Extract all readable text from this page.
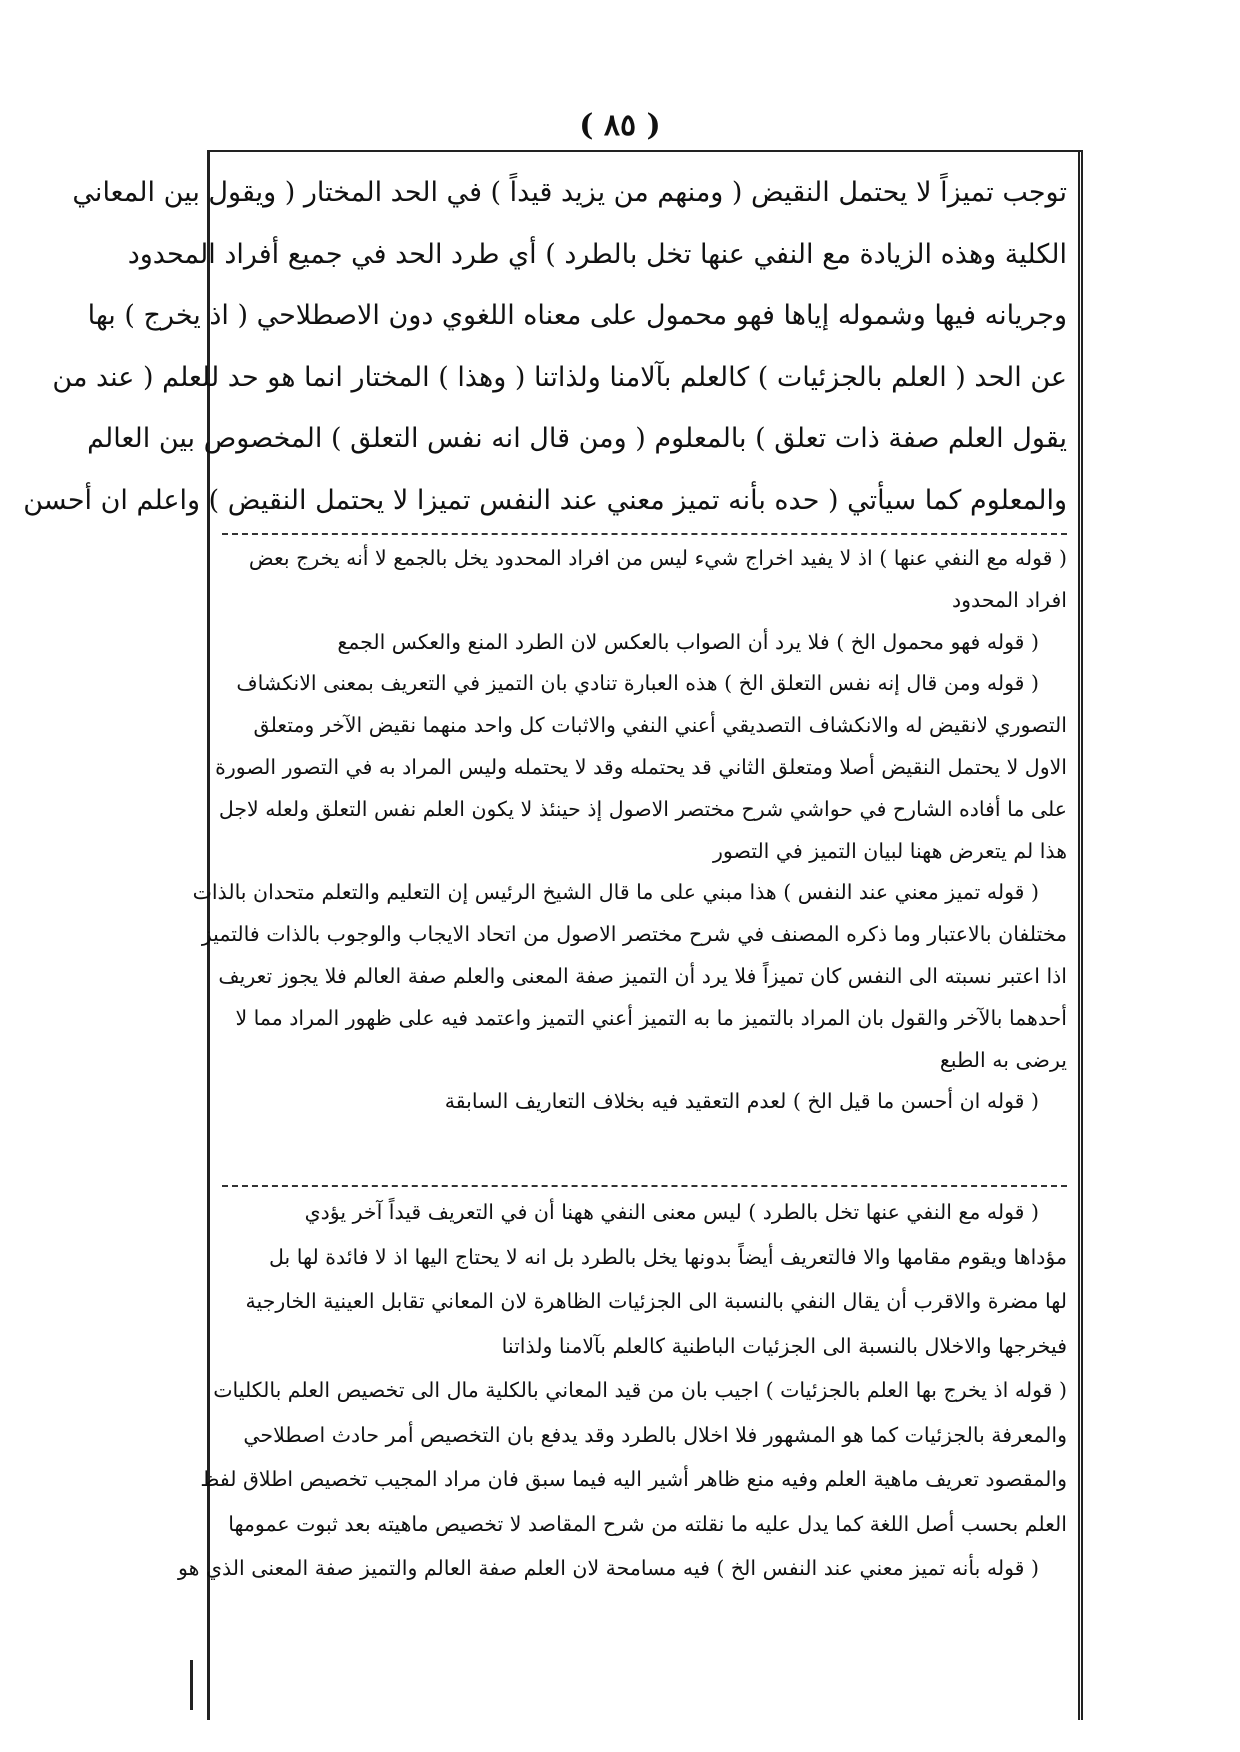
( ٨٥ )
توجب تميزاً لا يحتمل النقيض ( ومنهم من يزيد قيداً ) في الحد المختار ( ويقول بين المعاني
الكلية وهذه الزيادة مع النفي عنها تخل بالطرد ) أي طرد الحد في جميع أفراد المحدود
وجريانه فيها وشموله إياها فهو محمول على معناه اللغوي دون الاصطلاحي ( اذ يخرج ) بها
عن الحد ( العلم بالجزئيات ) كالعلم بآلامنا ولذاتنا ( وهذا ) المختار انما هو حد للعلم ( عند من
يقول العلم صفة ذات تعلق ) بالمعلوم ( ومن قال انه نفس التعلق ) المخصوص بين العالم
والمعلوم كما سيأتي ( حده بأنه تميز معني عند النفس تميزا لا يحتمل النقيض ) واعلم ان أحسن
( قوله مع النفي عنها ) اذ لا يفيد اخراج شيء ليس من افراد المحدود يخل بالجمع لا أنه يخرج بعض
افراد المحدود
( قوله فهو محمول الخ ) فلا يرد أن الصواب بالعكس لان الطرد المنع والعكس الجمع
( قوله ومن قال إنه نفس التعلق الخ ) هذه العبارة تنادي بان التميز في التعريف بمعنى الانكشاف
التصوري لانقيض له والانكشاف التصديقي أعني النفي والاثبات كل واحد منهما نقيض الآخر ومتعلق
الاول لا يحتمل النقيض أصلا ومتعلق الثاني قد يحتمله وقد لا يحتمله وليس المراد به في التصور الصورة
على ما أفاده الشارح في حواشي شرح مختصر الاصول إذ حينئذ لا يكون العلم نفس التعلق ولعله لاجل
هذا لم يتعرض ههنا لبيان التميز في التصور
( قوله تميز معني عند النفس ) هذا مبني على ما قال الشيخ الرئيس إن التعليم والتعلم متحدان بالذات
مختلفان بالاعتبار وما ذكره المصنف في شرح مختصر الاصول من اتحاد الايجاب والوجوب بالذات فالتميز
اذا اعتبر نسبته الى النفس كان تميزاً فلا يرد أن التميز صفة المعنى والعلم صفة العالم فلا يجوز تعريف
أحدهما بالآخر والقول بان المراد بالتميز ما به التميز أعني التميز واعتمد فيه على ظهور المراد مما لا
يرضى به الطبع
( قوله ان أحسن ما قيل الخ ) لعدم التعقيد فيه بخلاف التعاريف السابقة
( قوله مع النفي عنها تخل بالطرد ) ليس معنى النفي ههنا أن في التعريف قيداً آخر يؤدي
مؤداها ويقوم مقامها والا فالتعريف أيضاً بدونها يخل بالطرد بل انه لا يحتاج اليها اذ لا فائدة لها بل
لها مضرة والاقرب أن يقال النفي بالنسبة الى الجزئيات الظاهرة لان المعاني تقابل العينية الخارجية
فيخرجها والاخلال بالنسبة الى الجزئيات الباطنية كالعلم بآلامنا ولذاتنا
( قوله اذ يخرج بها العلم بالجزئيات ) اجيب بان من قيد المعاني بالكلية مال الى تخصيص العلم بالكليات
والمعرفة بالجزئيات كما هو المشهور فلا اخلال بالطرد وقد يدفع بان التخصيص أمر حادث اصطلاحي
والمقصود تعريف ماهية العلم وفيه منع ظاهر أشير اليه فيما سبق فان مراد المجيب تخصيص اطلاق لفظ
العلم بحسب أصل اللغة كما يدل عليه ما نقلته من شرح المقاصد لا تخصيص ماهيته بعد ثبوت عمومها
( قوله بأنه تميز معني عند النفس الخ ) فيه مسامحة لان العلم صفة العالم والتميز صفة المعنى الذي هو
